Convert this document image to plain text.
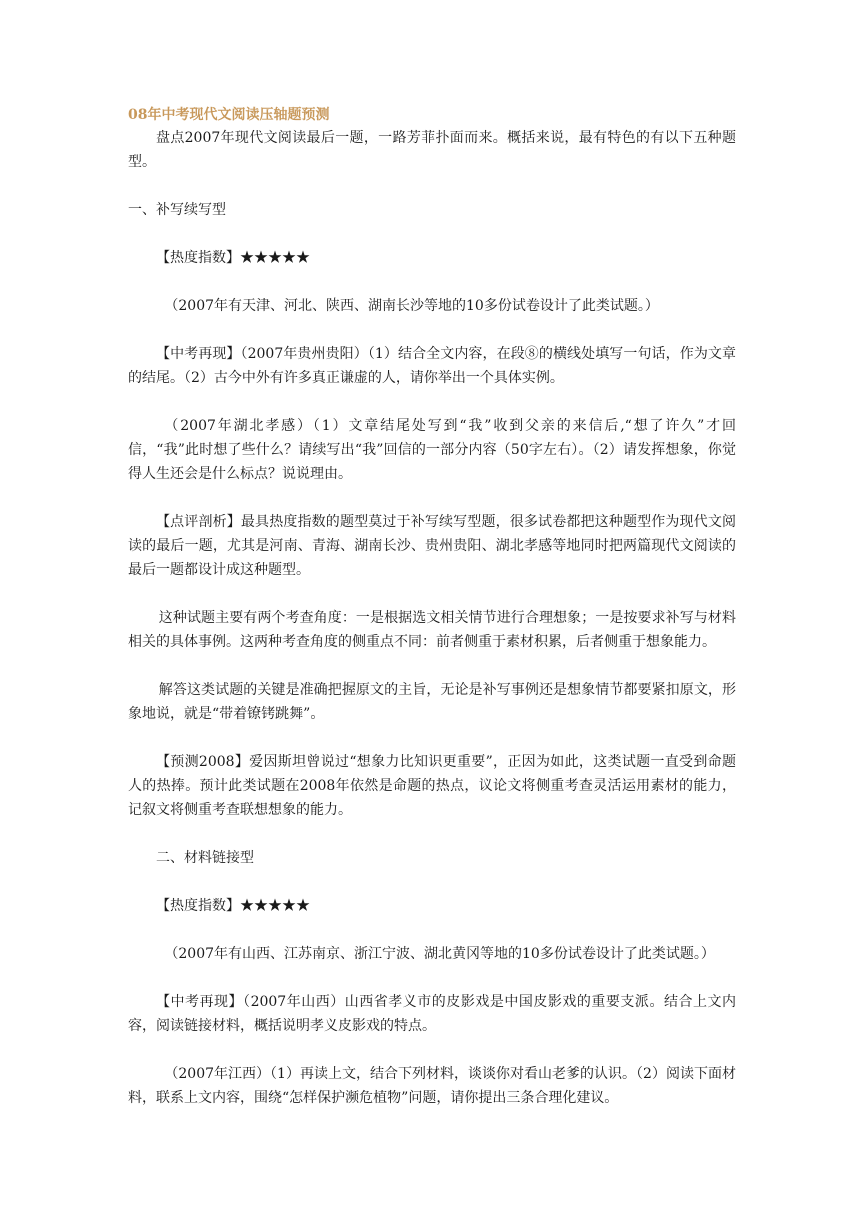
08年中考现代文阅读压轴题预测

盘点2007年现代文阅读最后一题，一路芳菲扑面而来。概括来说，最有特色的有以下五种题型。

一、补写续写型

【热度指数】★★★★★

（2007年有天津、河北、陕西、湖南长沙等地的10多份试卷设计了此类试题。）

【中考再现】（2007年贵州贵阳）（1）结合全文内容，在段⑧的横线处填写一句话，作为文章的结尾。（2）古今中外有许多真正谦虚的人，请你举出一个具体实例。

（2007年湖北孝感）（1）文章结尾处写到“我”收到父亲的来信后,“想了许久”才回信，“我”此时想了些什么？请续写出“我”回信的一部分内容（50字左右）。（2）请发挥想象，你觉得人生还会是什么标点？说说理由。

【点评剖析】最具热度指数的题型莫过于补写续写型题，很多试卷都把这种题型作为现代文阅读的最后一题，尤其是河南、青海、湖南长沙、贵州贵阳、湖北孝感等地同时把两篇现代文阅读的最后一题都设计成这种题型。

这种试题主要有两个考查角度：一是根据选文相关情节进行合理想象；一是按要求补写与材料相关的具体事例。这两种考查角度的侧重点不同：前者侧重于素材积累，后者侧重于想象能力。

解答这类试题的关键是准确把握原文的主旨，无论是补写事例还是想象情节都要紧扣原文，形象地说，就是“带着镣铐跳舞”。

【预测2008】爱因斯坦曾说过“想象力比知识更重要”，正因为如此，这类试题一直受到命题人的热捧。预计此类试题在2008年依然是命题的热点，议论文将侧重考查灵活运用素材的能力，记叙文将侧重考查联想想象的能力。

二、材料链接型

【热度指数】★★★★★

（2007年有山西、江苏南京、浙江宁波、湖北黄冈等地的10多份试卷设计了此类试题。）

【中考再现】（2007年山西）山西省孝义市的皮影戏是中国皮影戏的重要支派。结合上文内容，阅读链接材料，概括说明孝义皮影戏的特点。

（2007年江西）（1）再读上文，结合下列材料，谈谈你对看山老爹的认识。（2）阅读下面材料，联系上文内容，围绕“怎样保护濒危植物”问题，请你提出三条合理化建议。
